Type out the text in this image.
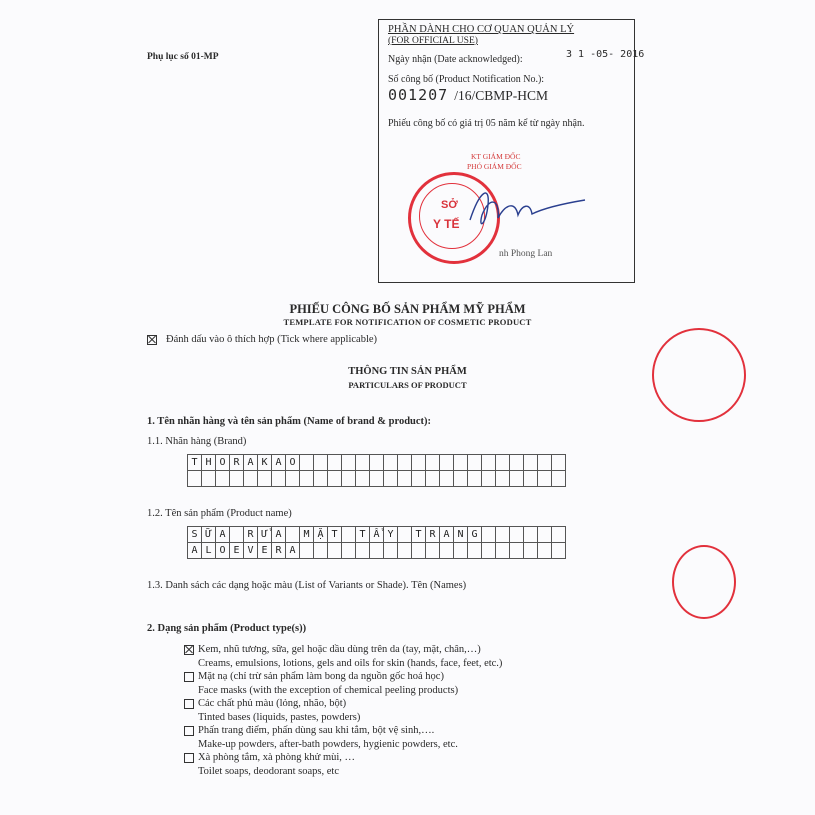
Phụ lục số 01-MP
PHẦN DÀNH CHO CƠ QUAN QUẢN LÝ
(FOR OFFICIAL USE)
Ngày nhận (Date acknowledged):	3 1 -05- 2016
Số công bố (Product Notification No.):
001207 /16/CBMP-HCM
Phiếu công bố có giá trị 05 năm kể từ ngày nhận.
KT GIÁM ĐỐC
PHÓ GIÁM ĐỐC
nh Phong Lan
SỞ
Y TẾ
PHIẾU CÔNG BỐ SẢN PHẨM MỸ PHẨM
TEMPLATE FOR NOTIFICATION OF COSMETIC PRODUCT
Đánh dấu vào ô thích hợp (Tick where applicable)
THÔNG TIN SẢN PHẨM
PARTICULARS OF PRODUCT
1. Tên nhãn hàng và tên sản phẩm (Name of brand & product):
1.1. Nhãn hàng (Brand)
T	H	O	R	A	K	A	O																			

1.2. Tên sản phẩm (Product name)
S	Ữ	A		R	Ử	A		M	Ặ	T		T	Ẩ	Y		T	R	A	N	G						
A	L	O	E	V	E	R	A																			
1.3. Danh sách các dạng hoặc màu (List of Variants or Shade). Tên (Names)
2. Dạng sản phẩm (Product type(s))
Kem, nhũ tương, sữa, gel hoặc dầu dùng trên da (tay, mặt, chân,…)
Creams, emulsions, lotions, gels and oils for skin (hands, face, feet, etc.)
Mặt nạ (chỉ trừ sản phẩm làm bong da nguồn gốc hoá học)
Face masks (with the exception of chemical peeling products)
Các chất phủ màu (lỏng, nhão, bột)
Tinted bases (liquids, pastes, powders)
Phấn trang điểm, phấn dùng sau khi tắm, bột vệ sinh,….
Make-up powders, after-bath powders, hygienic powders, etc.
Xà phòng tắm, xà phòng khử mùi, …
Toilet soaps, deodorant soaps, etc
